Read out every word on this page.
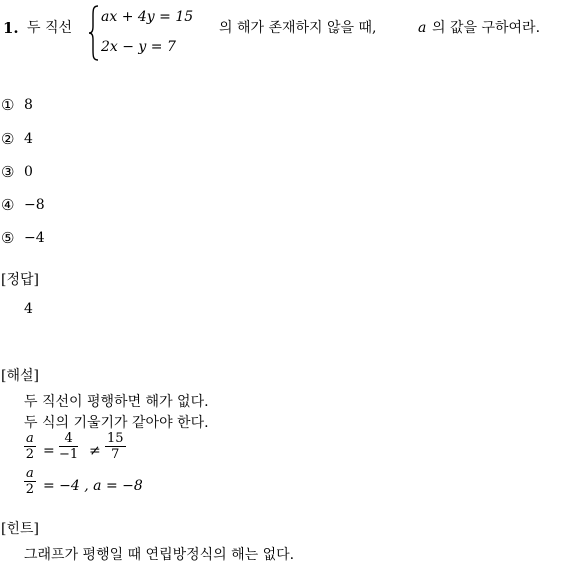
1. 두 직선
ax + 4y = 15
2x − y = 7
의 해가 존재하지 않을 때,	a 의 값을 구하여라.
① 8
② 4
③ 0
④ −8
⑤ −4
[정답]
4
[해설]
두 직선이 평행하면 해가 없다.
두 식의 기울기가 같아야 한다.
$\frac{a}{2} = \frac{4}{-1} \ne \frac{15}{7}$
$\frac{a}{2} = -4$ , a = −8
[힌트]
그래프가 평행일 때 연립방정식의 해는 없다.
